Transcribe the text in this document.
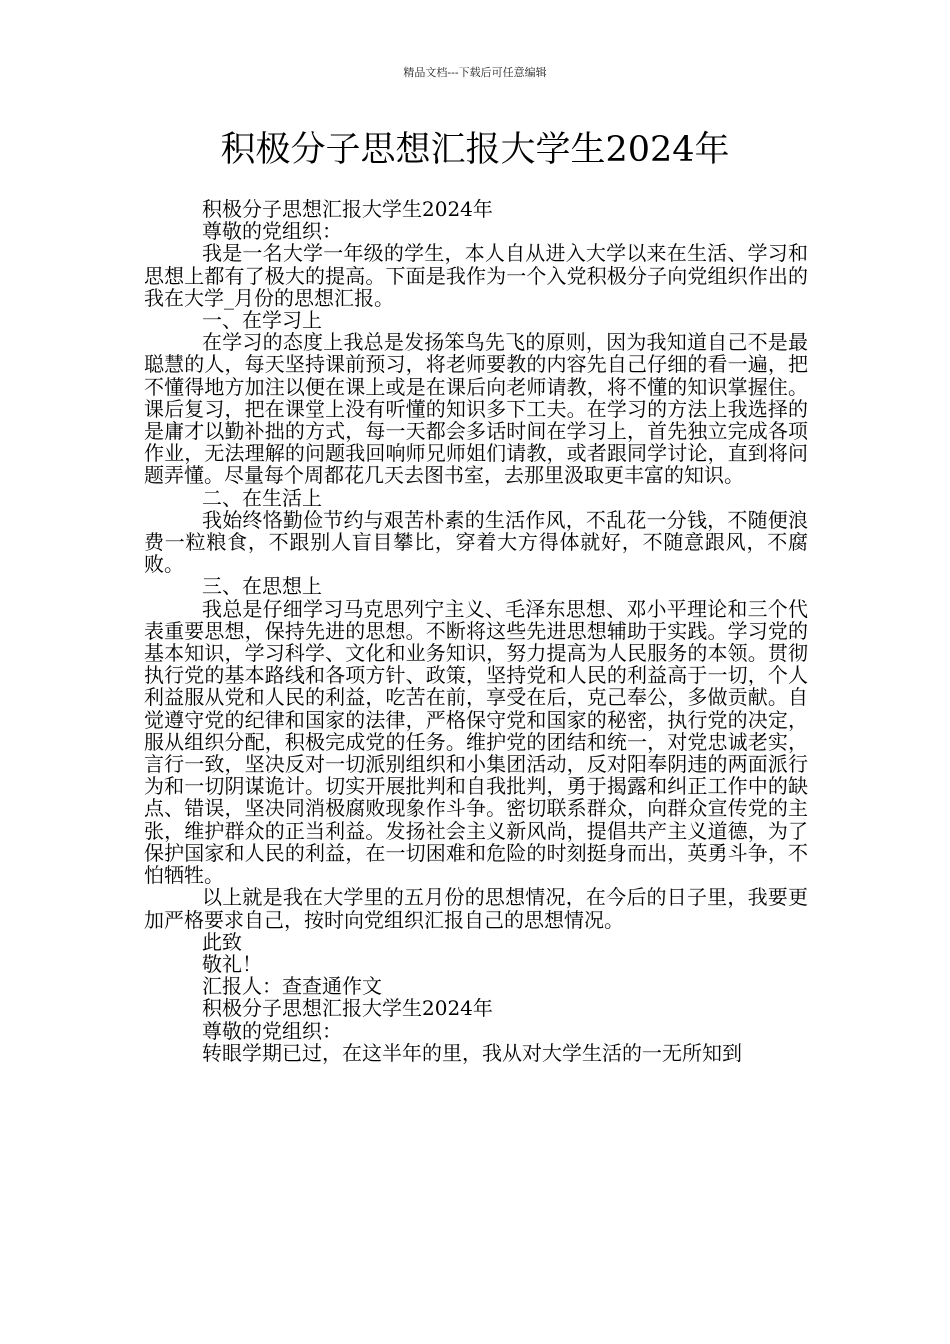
精品文档---下载后可任意编辑
积极分子思想汇报大学生2024年

积极分子思想汇报大学生2024年

尊敬的党组织：

我是一名大学一年级的学生，本人自从进入大学以来在生活、学习和思想上都有了极大的提高。下面是我作为一个入党积极分子向党组织作出的我在大学_月份的思想汇报。

一、在学习上

在学习的态度上我总是发扬笨鸟先飞的原则，因为我知道自己不是最聪慧的人，每天坚持课前预习，将老师要教的内容先自己仔细的看一遍，把不懂得地方加注以便在课上或是在课后向老师请教，将不懂的知识掌握住。课后复习，把在课堂上没有听懂的知识多下工夫。在学习的方法上我选择的是庸才以勤补拙的方式，每一天都会多话时间在学习上，首先独立完成各项作业，无法理解的问题我回响师兄师姐们请教，或者跟同学讨论，直到将问题弄懂。尽量每个周都花几天去图书室，去那里汲取更丰富的知识。

二、在生活上

我始终恪勤俭节约与艰苦朴素的生活作风，不乱花一分钱，不随便浪费一粒粮食，不跟别人盲目攀比，穿着大方得体就好，不随意跟风，不腐败。

三、在思想上

我总是仔细学习马克思列宁主义、毛泽东思想、邓小平理论和三个代表重要思想，保持先进的思想。不断将这些先进思想辅助于实践。学习党的基本知识，学习科学、文化和业务知识，努力提高为人民服务的本领。贯彻执行党的基本路线和各项方针、政策，坚持党和人民的利益高于一切，个人利益服从党和人民的利益，吃苦在前，享受在后，克己奉公，多做贡献。自觉遵守党的纪律和国家的法律，严格保守党和国家的秘密，执行党的决定，服从组织分配，积极完成党的任务。维护党的团结和统一，对党忠诚老实，言行一致，坚决反对一切派别组织和小集团活动，反对阳奉阴违的两面派行为和一切阴谋诡计。切实开展批判和自我批判，勇于揭露和纠正工作中的缺点、错误，坚决同消极腐败现象作斗争。密切联系群众，向群众宣传党的主张，维护群众的正当利益。发扬社会主义新风尚，提倡共产主义道德，为了保护国家和人民的利益，在一切困难和危险的时刻挺身而出，英勇斗争，不怕牺牲。

以上就是我在大学里的五月份的思想情况，在今后的日子里，我要更加严格要求自己，按时向党组织汇报自己的思想情况。

此致

敬礼！

汇报人：查查通作文

积极分子思想汇报大学生2024年

尊敬的党组织：

转眼学期已过，在这半年的里，我从对大学生活的一无所知到
